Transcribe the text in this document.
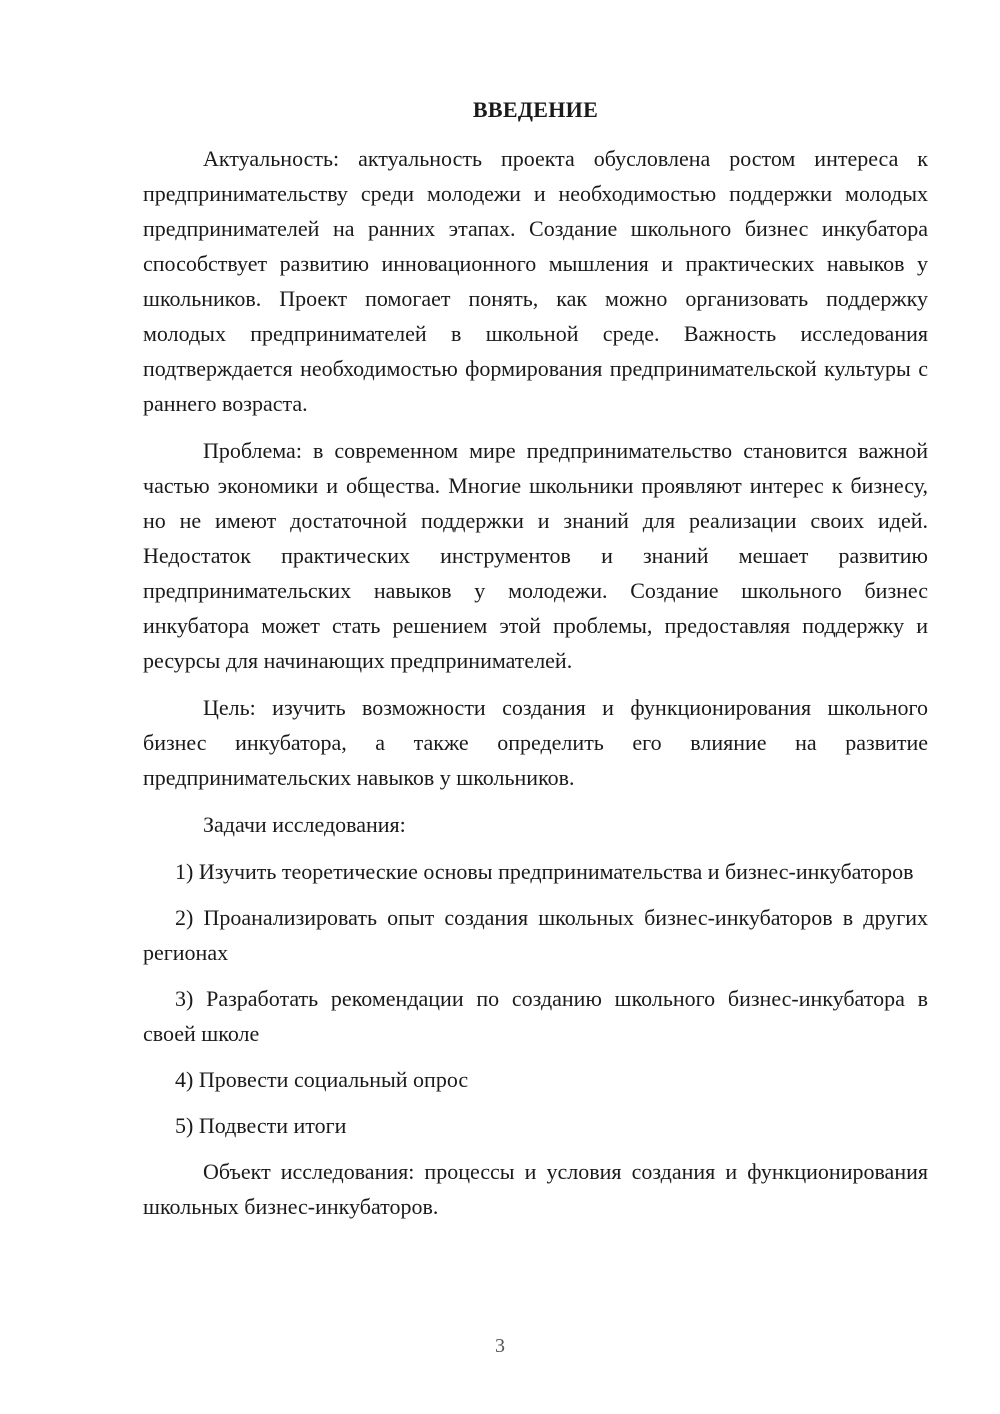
ВВЕДЕНИЕ

Актуальность: актуальность проекта обусловлена ростом интереса к предпринимательству среди молодежи и необходимостью поддержки молодых предпринимателей на ранних этапах. Создание школьного бизнес инкубатора способствует развитию инновационного мышления и практических навыков у школьников. Проект помогает понять, как можно организовать поддержку молодых предпринимателей в школьной среде. Важность исследования подтверждается необходимостью формирования предпринимательской культуры с раннего возраста.

Проблема: в современном мире предпринимательство становится важной частью экономики и общества. Многие школьники проявляют интерес к бизнесу, но не имеют достаточной поддержки и знаний для реализации своих идей. Недостаток практических инструментов и знаний мешает развитию предпринимательских навыков у молодежи. Создание школьного бизнес инкубатора может стать решением этой проблемы, предоставляя поддержку и ресурсы для начинающих предпринимателей.

Цель: изучить возможности создания и функционирования школьного бизнес инкубатора, а также определить его влияние на развитие предпринимательских навыков у школьников.

Задачи исследования:

1) Изучить теоретические основы предпринимательства и бизнес-инкубаторов

2) Проанализировать опыт создания школьных бизнес-инкубаторов в других регионах

3) Разработать рекомендации по созданию школьного бизнес-инкубатора в своей школе

4) Провести социальный опрос

5) Подвести итоги

Объект исследования: процессы и условия создания и функционирования школьных бизнес-инкубаторов.

3
